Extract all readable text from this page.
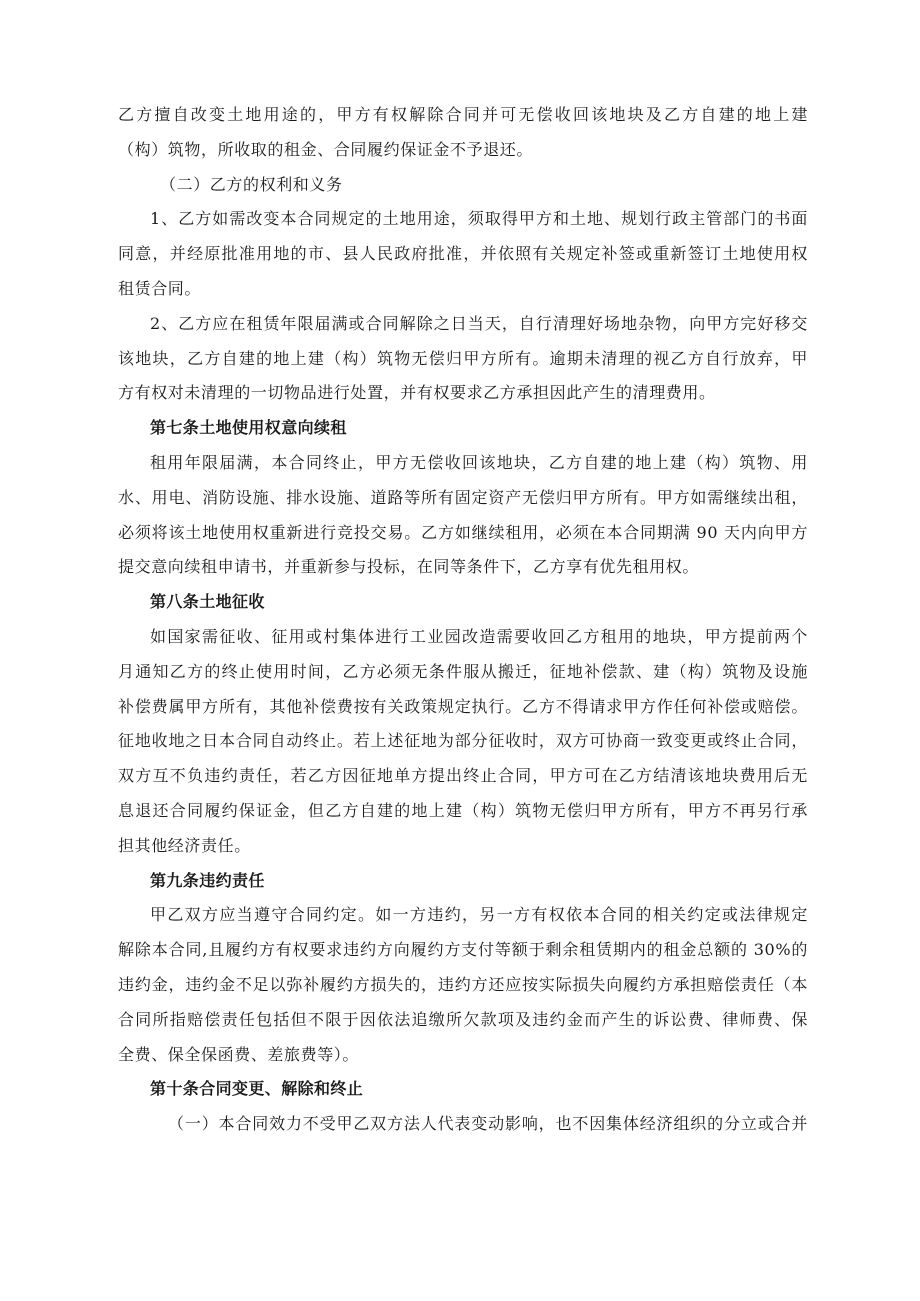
乙方擅自改变土地用途的，甲方有权解除合同并可无偿收回该地块及乙方自建的地上建
（构）筑物，所收取的租金、合同履约保证金不予退还。
（二）乙方的权利和义务
1、乙方如需改变本合同规定的土地用途，须取得甲方和土地、规划行政主管部门的书面
同意，并经原批准用地的市、县人民政府批准，并依照有关规定补签或重新签订土地使用权
租赁合同。
2、乙方应在租赁年限届满或合同解除之日当天，自行清理好场地杂物，向甲方完好移交
该地块，乙方自建的地上建（构）筑物无偿归甲方所有。逾期未清理的视乙方自行放弃，甲
方有权对未清理的一切物品进行处置，并有权要求乙方承担因此产生的清理费用。
第七条土地使用权意向续租
租用年限届满，本合同终止，甲方无偿收回该地块，乙方自建的地上建（构）筑物、用
水、用电、消防设施、排水设施、道路等所有固定资产无偿归甲方所有。甲方如需继续出租，
必须将该土地使用权重新进行竞投交易。乙方如继续租用，必须在本合同期满 90 天内向甲方
提交意向续租申请书，并重新参与投标，在同等条件下，乙方享有优先租用权。
第八条土地征收
如国家需征收、征用或村集体进行工业园改造需要收回乙方租用的地块，甲方提前两个
月通知乙方的终止使用时间，乙方必须无条件服从搬迁，征地补偿款、建（构）筑物及设施
补偿费属甲方所有，其他补偿费按有关政策规定执行。乙方不得请求甲方作任何补偿或赔偿。
征地收地之日本合同自动终止。若上述征地为部分征收时，双方可协商一致变更或终止合同，
双方互不负违约责任，若乙方因征地单方提出终止合同，甲方可在乙方结清该地块费用后无
息退还合同履约保证金，但乙方自建的地上建（构）筑物无偿归甲方所有，甲方不再另行承
担其他经济责任。
第九条违约责任
甲乙双方应当遵守合同约定。如一方违约，另一方有权依本合同的相关约定或法律规定
解除本合同,且履约方有权要求违约方向履约方支付等额于剩余租赁期内的租金总额的 30%的
违约金，违约金不足以弥补履约方损失的，违约方还应按实际损失向履约方承担赔偿责任（本
合同所指赔偿责任包括但不限于因依法追缴所欠款项及违约金而产生的诉讼费、律师费、保
全费、保全保函费、差旅费等）。
第十条合同变更、解除和终止
（一）本合同效力不受甲乙双方法人代表变动影响，也不因集体经济组织的分立或合并
